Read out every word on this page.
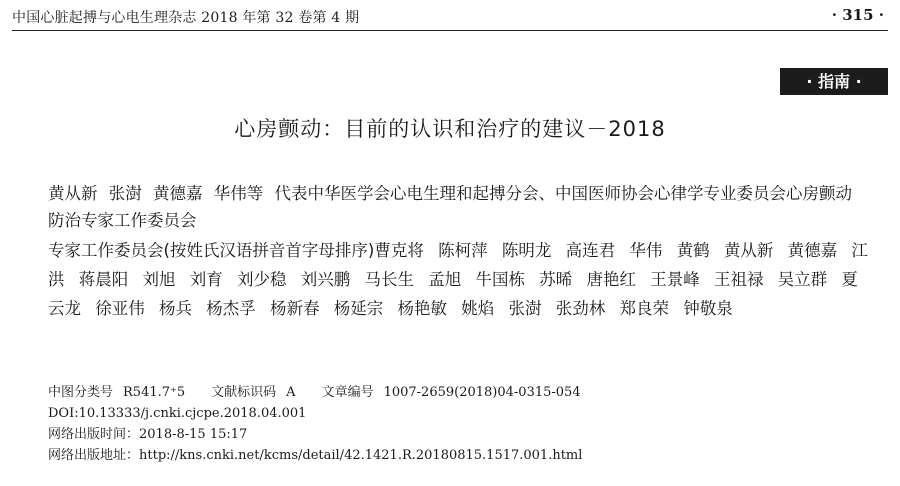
中国心脏起搏与心电生理杂志 2018 年第 32 卷第 4 期	· 315 ·
· 指南 ·
心房颤动：目前的认识和治疗的建议－2018
黄从新 张澍 黄德嘉 华伟等 代表中华医学会心电生理和起搏分会、中国医师协会心律学专业委员会心房颤动防治专家工作委员会
专家工作委员会(按姓氏汉语拼音首字母排序)曹克将 陈柯萍 陈明龙 高连君 华伟 黄鹤 黄从新 黄德嘉 江洪 蒋晨阳 刘旭 刘育 刘少稳 刘兴鹏 马长生 孟旭 牛国栋 苏晞 唐艳红 王景峰 王祖禄 吴立群 夏云龙 徐亚伟 杨兵 杨杰孚 杨新春 杨延宗 杨艳敏 姚焰 张澍 张劲林 郑良荣 钟敬泉
中图分类号 R541.7⁺5 文献标识码 A 文章编号 1007-2659(2018)04-0315-054
DOI:10.13333/j.cnki.cjcpe.2018.04.001
网络出版时间：2018-8-15 15:17
网络出版地址：http://kns.cnki.net/kcms/detail/42.1421.R.20180815.1517.001.html
